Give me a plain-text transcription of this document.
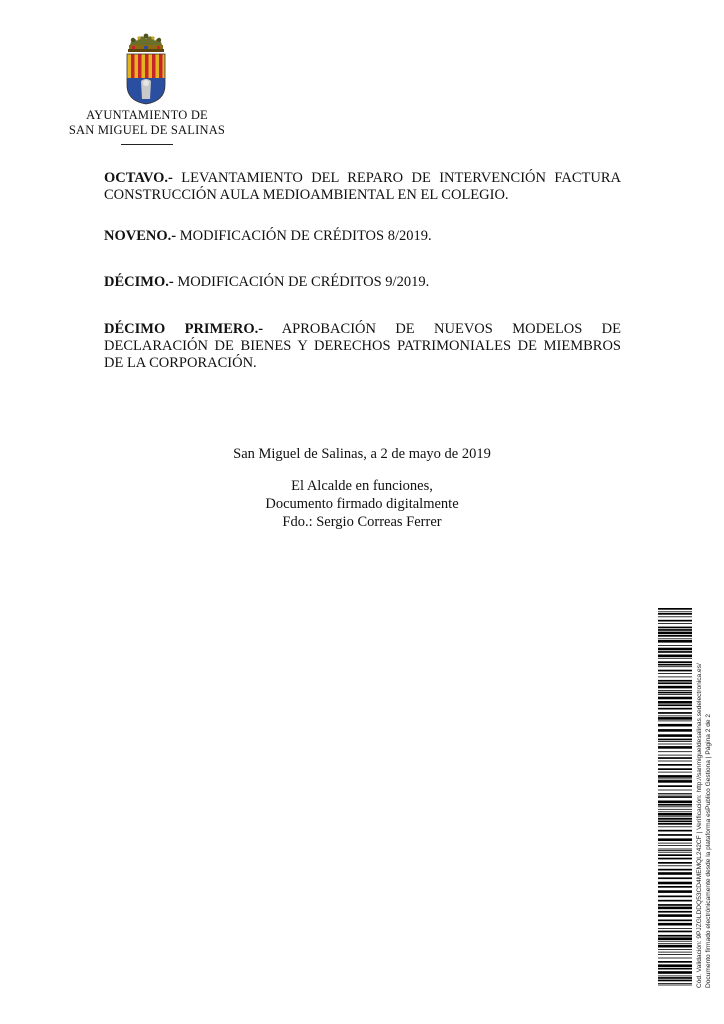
AYUNTAMIENTO DE
SAN MIGUEL DE SALINAS
OCTAVO.- LEVANTAMIENTO DEL REPARO DE INTERVENCIÓN FACTURA CONSTRUCCIÓN AULA MEDIOAMBIENTAL EN EL COLEGIO.
NOVENO.- MODIFICACIÓN DE CRÉDITOS 8/2019.
DÉCIMO.- MODIFICACIÓN DE CRÉDITOS 9/2019.
DÉCIMO PRIMERO.- APROBACIÓN DE NUEVOS MODELOS DE DECLARACIÓN DE BIENES Y DERECHOS PATRIMONIALES DE MIEMBROS DE LA CORPORACIÓN.
San Miguel de Salinas, a 2 de mayo de 2019
El Alcalde en funciones,
Documento firmado digitalmente
Fdo.: Sergio Correas Ferrer
Cód. Validación: 9PJZGLDDQ53CD4MEMQL242CF | Verificación: http://sanmigueldesalinas.sedelectronica.es/ Documento firmado electrónicamente desde la plataforma esPublico Gestiona | Página 2 de 2
